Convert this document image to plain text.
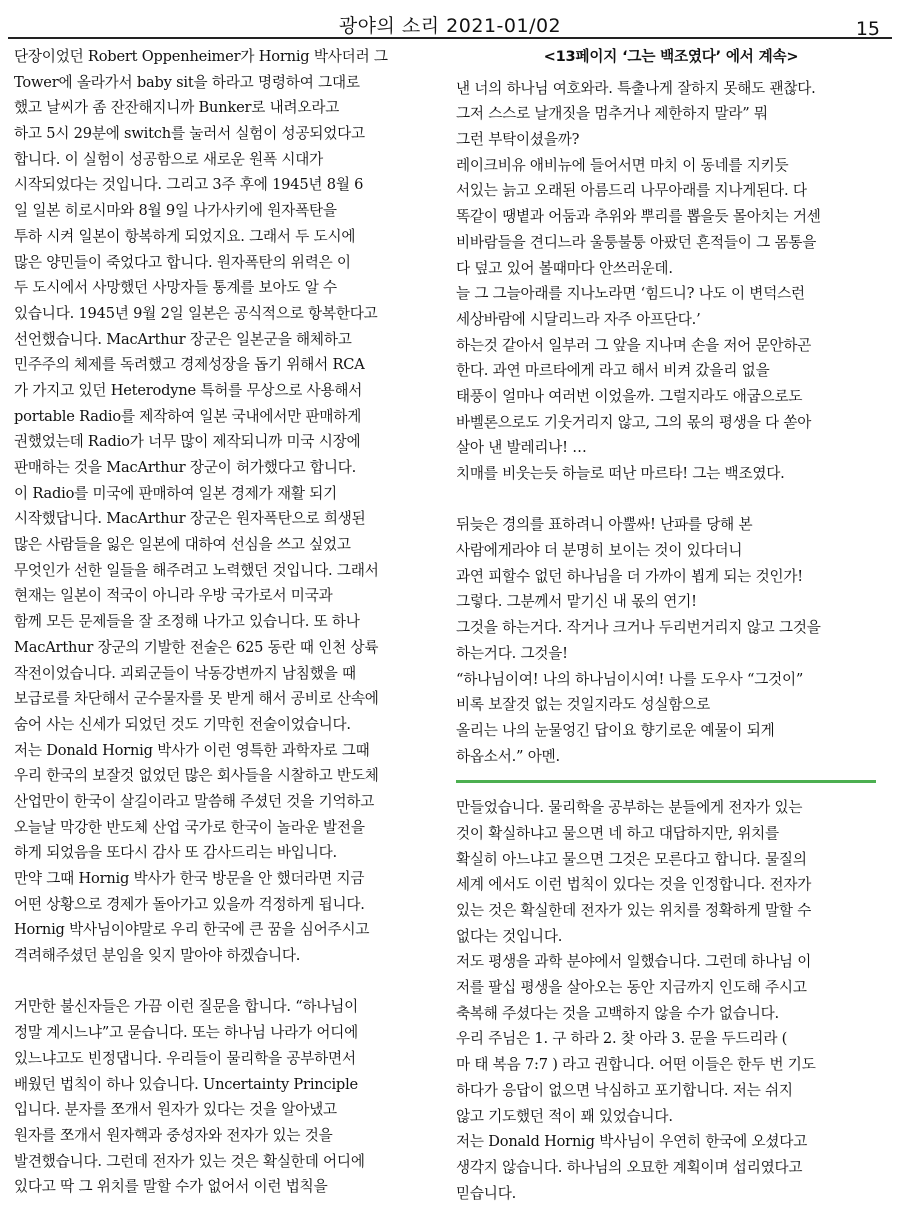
광야의 소리 2021-01/02	15
단장이었던 Robert Oppenheimer가 Hornig 박사더러 그
Tower에 올라가서 baby sit을 하라고 명령하여 그대로
했고 날씨가 좀 잔잔해지니까 Bunker로 내려오라고
하고 5시 29분에 switch를 눌러서 실험이 성공되었다고
합니다. 이 실험이 성공함으로 새로운 원폭 시대가
시작되었다는 것입니다. 그리고 3주 후에 1945년 8월 6
일 일본 히로시마와 8월 9일 나가사키에 원자폭탄을
투하 시켜 일본이 항복하게 되었지요. 그래서 두 도시에
많은 양민들이 죽었다고 합니다. 원자폭탄의 위력은 이
두 도시에서 사망했던 사망자들 통계를 보아도 알 수
있습니다. 1945년 9월 2일 일본은 공식적으로 항복한다고
선언했습니다. MacArthur 장군은 일본군을 해체하고
민주주의 체제를 독려했고 경제성장을 돕기 위해서 RCA
가 가지고 있던 Heterodyne 특허를 무상으로 사용해서
portable Radio를 제작하여 일본 국내에서만 판매하게
권했었는데 Radio가 너무 많이 제작되니까 미국 시장에
판매하는 것을 MacArthur 장군이 허가했다고 합니다.
이 Radio를 미국에 판매하여 일본 경제가 재활 되기
시작했답니다. MacArthur 장군은 원자폭탄으로 희생된
많은 사람들을 잃은 일본에 대하여 선심을 쓰고 싶었고
무엇인가 선한 일들을 해주려고 노력했던 것입니다. 그래서
현재는 일본이 적국이 아니라 우방 국가로서 미국과
함께 모든 문제들을 잘 조정해 나가고 있습니다. 또 하나
MacArthur 장군의 기발한 전술은 625 동란 때 인천 상륙
작전이었습니다. 괴뢰군들이 낙동강변까지 남침했을 때
보급로를 차단해서 군수물자를 못 받게 해서 공비로 산속에
숨어 사는 신세가 되었던 것도 기막힌 전술이었습니다.
저는 Donald Hornig 박사가 이런 영특한 과학자로 그때
우리 한국의 보잘것 없었던 많은 회사들을 시찰하고 반도체
산업만이 한국이 살길이라고 말씀해 주셨던 것을 기억하고
오늘날 막강한 반도체 산업 국가로 한국이 놀라운 발전을
하게 되었음을 또다시 감사 또 감사드리는 바입니다.
만약 그때 Hornig 박사가 한국 방문을 안 했더라면 지금
어떤 상황으로 경제가 돌아가고 있을까 걱정하게 됩니다.
Hornig 박사님이야말로 우리 한국에 큰 꿈을 심어주시고
격려해주셨던 분임을 잊지 말아야 하겠습니다.
거만한 불신자들은 가끔 이런 질문을 합니다. “하나님이
정말 계시느냐”고 묻습니다. 또는 하나님 나라가 어디에
있느냐고도 빈정댑니다. 우리들이 물리학을 공부하면서
배웠던 법칙이 하나 있습니다. Uncertainty Principle
입니다. 분자를 쪼개서 원자가 있다는 것을 알아냈고
원자를 쪼개서 원자핵과 중성자와 전자가 있는 것을
발견했습니다. 그런데 전자가 있는 것은 확실한데 어디에
있다고 딱 그 위치를 말할 수가 없어서 이런 법칙을
<13페이지 ‘그는 백조였다’ 에서 계속>
낸 너의 하나님 여호와라. 특출나게 잘하지 못해도 괜찮다.
그저 스스로 날개짓을 멈추거나 제한하지 말라” 뭐
그런 부탁이셨을까?
레이크비유 애비뉴에 들어서면 마치 이 동네를 지키듯
서있는 늙고 오래된 아름드리 나무아래를 지나게된다. 다
똑같이 땡볕과 어둠과 추위와 뿌리를 뽑을듯 몰아치는 거센
비바람들을 견디느라 울퉁불퉁 아팠던 흔적들이 그 몸통을
다 덮고 있어 볼때마다 안쓰러운데.
늘 그 그늘아래를 지나노라면 ‘힘드니? 나도 이 변덕스런
세상바람에 시달리느라 자주 아프단다.’
하는것 같아서 일부러 그 앞을 지나며 손을 저어 문안하곤
한다. 과연 마르타에게 라고 해서 비켜 갔을리 없을
태풍이 얼마나 여러번 이었을까. 그럴지라도 애굽으로도
바벨론으로도 기웃거리지 않고, 그의 몫의 평생을 다 쏟아
살아 낸 발레리나! …
치매를 비웃는듯 하늘로 떠난 마르타! 그는 백조였다.
뒤늦은 경의를 표하려니 아뿔싸! 난파를 당해 본
사람에게라야 더 분명히 보이는 것이 있다더니
과연 피할수 없던 하나님을 더 가까이 뵙게 되는 것인가!
그렇다. 그분께서 맡기신 내 몫의 연기!
그것을 하는거다. 작거나 크거나 두리번거리지 않고 그것을
하는거다. 그것을!
“하나님이여! 나의 하나님이시여! 나를 도우사 “그것이”
비록 보잘것 없는 것일지라도 성실함으로
올리는 나의 눈물엉긴 답이요 향기로운 예물이 되게
하옵소서.” 아멘.
만들었습니다. 물리학을 공부하는 분들에게 전자가 있는
것이 확실하냐고 물으면 네 하고 대답하지만, 위치를
확실히 아느냐고 물으면 그것은 모른다고 합니다. 물질의
세계 에서도 이런 법칙이 있다는 것을 인정합니다. 전자가
있는 것은 확실한데 전자가 있는 위치를 정확하게 말할 수
없다는 것입니다.
저도 평생을 과학 분야에서 일했습니다. 그런데 하나님 이
저를 팔십 평생을 살아오는 동안 지금까지 인도해 주시고
축복해 주셨다는 것을 고백하지 않을 수가 없습니다.
우리 주님은 1. 구 하라 2. 찾 아라 3. 문을 두드리라 (
마 태 복음 7:7 ) 라고 권합니다. 어떤 이들은 한두 번 기도
하다가 응답이 없으면 낙심하고 포기합니다. 저는 쉬지
않고 기도했던 적이 꽤 있었습니다.
저는 Donald Hornig 박사님이 우연히 한국에 오셨다고
생각지 않습니다. 하나님의 오묘한 계획이며 섭리였다고
믿습니다.
